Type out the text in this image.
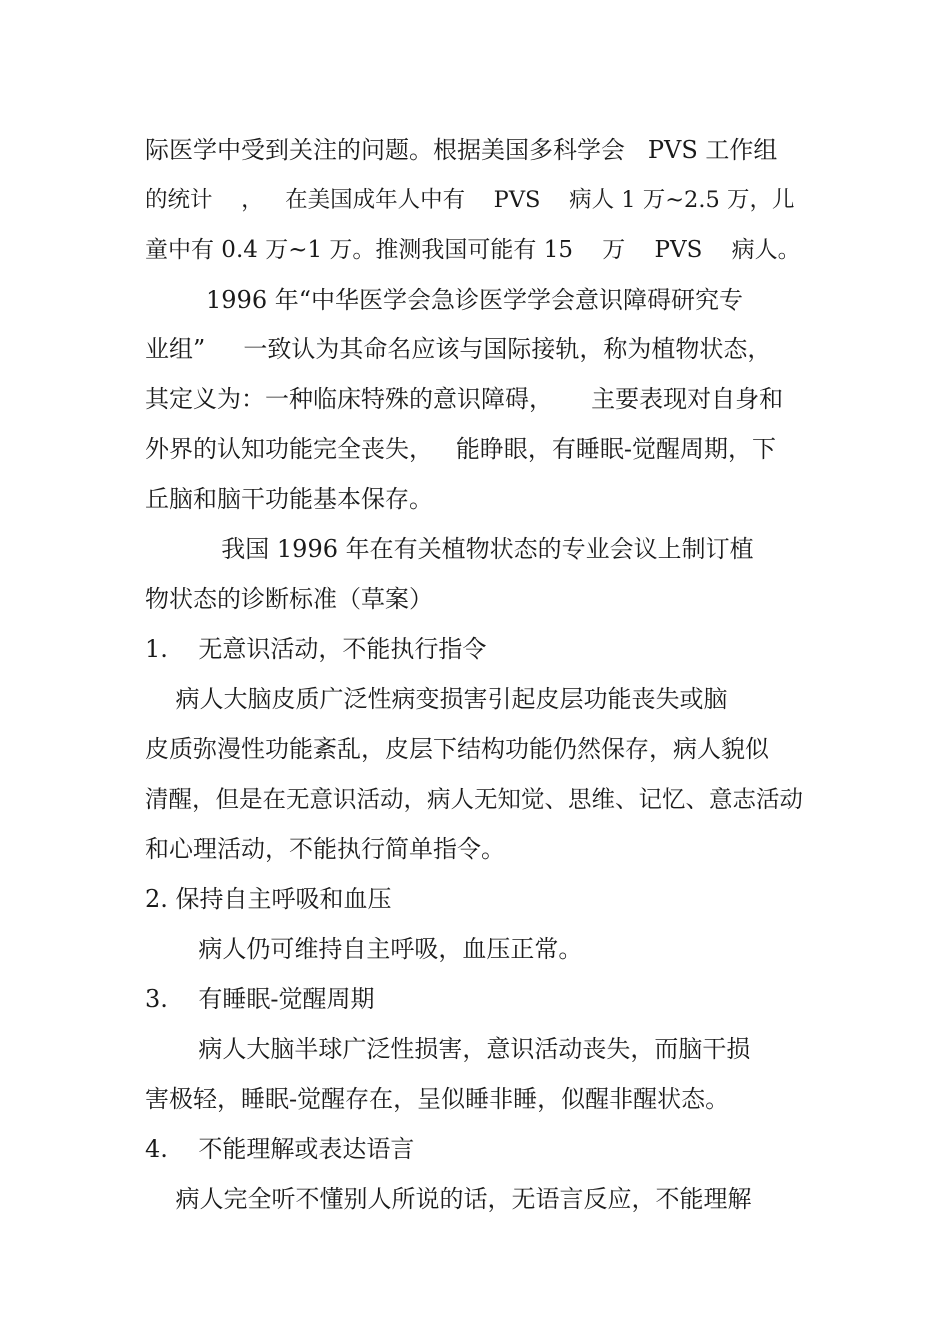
际医学中受到关注的问题。根据美国多科学会   PVS 工作组
的统计    ，   在美国成年人中有    PVS    病人 1 万~2.5 万，儿
童中有 0.4 万~1 万。推测我国可能有 15    万    PVS    病人。
1996 年“中华医学会急诊医学学会意识障碍研究专
业组”     一致认为其命名应该与国际接轨，称为植物状态，
其定义为：一种临床特殊的意识障碍，     主要表现对自身和
外界的认知功能完全丧失，   能睁眼，有睡眠-觉醒周期，下
丘脑和脑干功能基本保存。
我国 1996 年在有关植物状态的专业会议上制订植
物状态的诊断标准（草案）
1.    无意识活动，不能执行指令
病人大脑皮质广泛性病变损害引起皮层功能丧失或脑
皮质弥漫性功能紊乱，皮层下结构功能仍然保存，病人貌似
清醒，但是在无意识活动，病人无知觉、思维、记忆、意志活动
和心理活动，不能执行简单指令。
2. 保持自主呼吸和血压
病人仍可维持自主呼吸，血压正常。
3.    有睡眠-觉醒周期
病人大脑半球广泛性损害，意识活动丧失，而脑干损
害极轻，睡眠-觉醒存在，呈似睡非睡，似醒非醒状态。
4.    不能理解或表达语言
病人完全听不懂别人所说的话，无语言反应，不能理解
